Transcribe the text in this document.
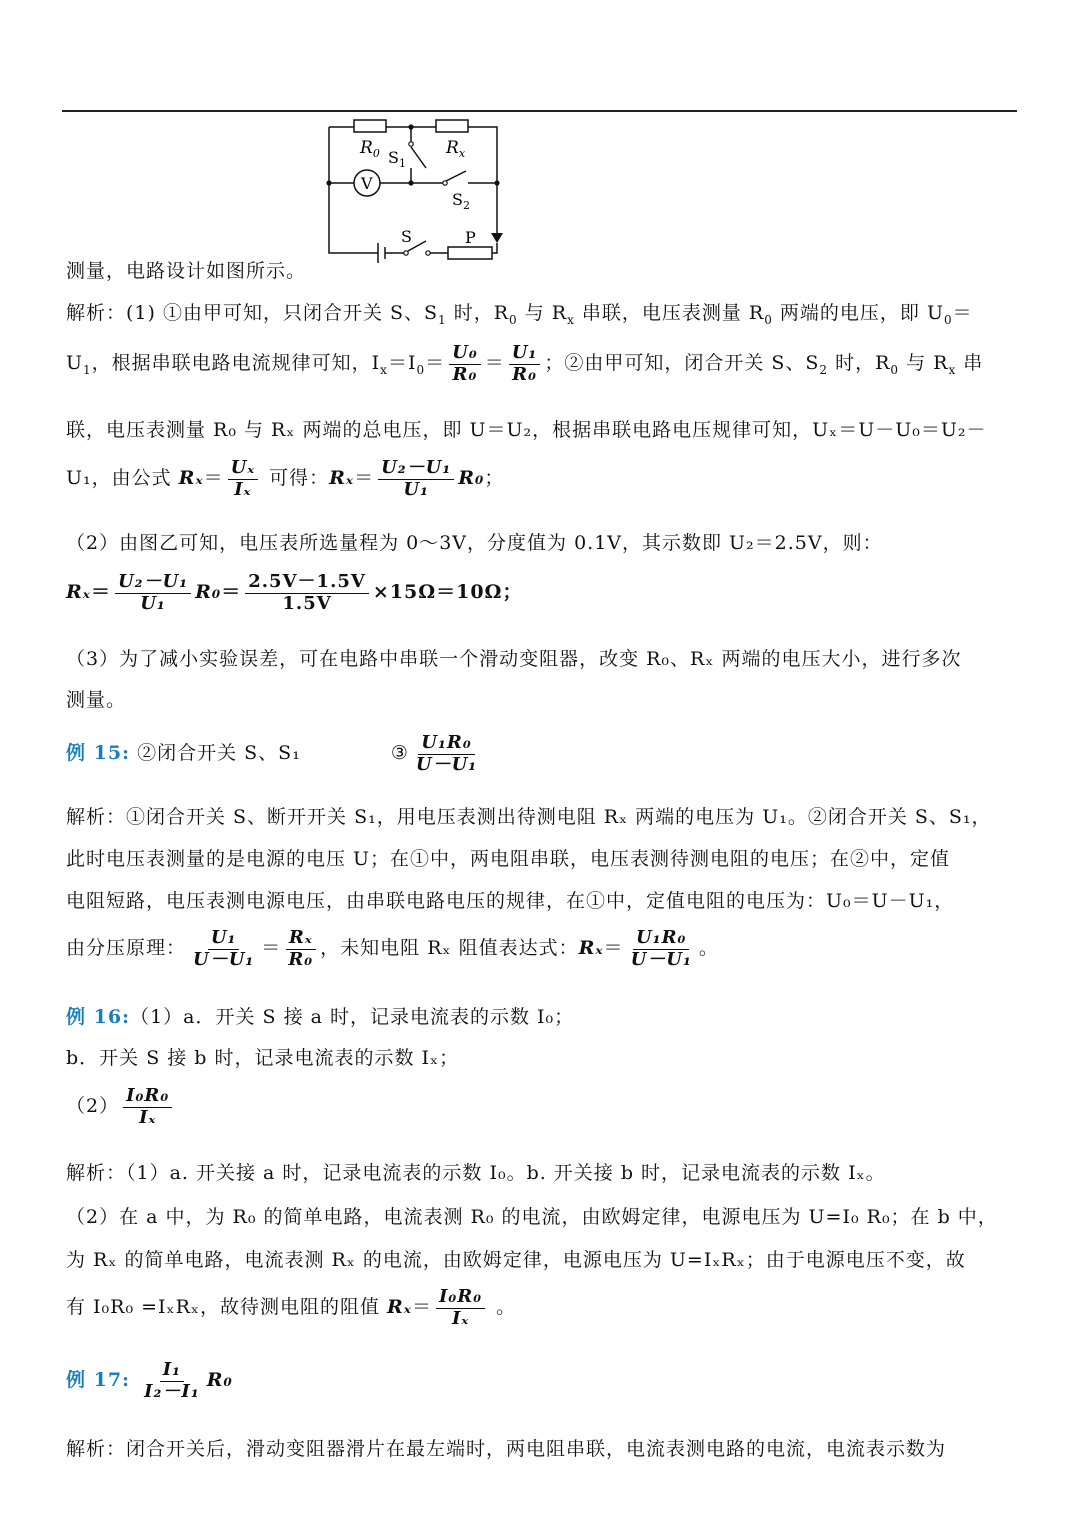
$R_0$ $S_1$
$R_x$
V
$S_2$
S	P
测量，电路设计如图所示。
解析：(1) ①由甲可知，只闭合开关 S、$S_1$ 时，$R_0$ 与 $R_x$ 串联，电压表测量 $R_0$ 两端的电压，即 $U_0=$
$U_1$，根据串联电路电流规律可知，$I_x=I_0= \frac{\text{U₀}}{\text{R₀}} = \frac{\text{U₁}}{\text{R₀}}$ ；②由甲可知，闭合开关 S、$S_2$ 时，$R_0$ 与 $R_x$ 串
联，电压表测量 R₀ 与 Rₓ 两端的总电压，即 U＝U₂，根据串联电路电压规律可知，Uₓ＝U－U₀＝U₂－
U₁，由公式 $R_x= \frac{\text{Uₓ}}{\text{Iₓ}}$ 可得：$R_x= \frac{\text{U₂－U₁}}{\text{U₁}} R_0$；
（2）由图乙可知，电压表所选量程为 0～3V，分度值为 0.1V，其示数即 U₂＝2.5V，则：
$R_x= \frac{\text{U₂－U₁}}{\text{U₁}} R_0= \frac{2.5V-1.5V}{1.5V} \times 15\Omega=10\Omega$；
（3）为了减小实验误差，可在电路中串联一个滑动变阻器，改变 R₀、Rₓ 两端的电压大小，进行多次
测量。
例 15: ②闭合开关 S、S₁	③ $\frac{\text{U₁R₀}}{\text{U－U₁}}$
解析：①闭合开关 S、断开开关 S₁，用电压表测出待测电阻 Rₓ 两端的电压为 U₁。②闭合开关 S、S₁，
此时电压表测量的是电源的电压 U；在①中，两电阻串联，电压表测待测电阻的电压；在②中，定值
电阻短路，电压表测电源电压，由串联电路电压的规律，在①中，定值电阻的电压为：U₀＝U－U₁，
由分压原理： $\frac{\text{U₁}}{\text{U－U₁}} = \frac{\text{Rₓ}}{\text{R₀}}$ ，未知电阻 Rₓ 阻值表达式：$R_x= \frac{\text{U₁R₀}}{\text{U－U₁}}$ 。
例 16:（1）a．开关 S 接 a 时，记录电流表的示数 I₀；
b．开关 S 接 b 时，记录电流表的示数 Iₓ；
$(2) \frac{\text{I₀R₀}}{\text{Iₓ}}$
解析：（1）a. 开关接 a 时，记录电流表的示数 I₀。b. 开关接 b 时，记录电流表的示数 Iₓ。
（2）在 a 中，为 R₀ 的简单电路，电流表测 R₀ 的电流，由欧姆定律，电源电压为 U=I₀ R₀；在 b 中，
为 Rₓ 的简单电路，电流表测 Rₓ 的电流，由欧姆定律，电源电压为 U=IₓRₓ；由于电源电压不变，故
有 I₀R₀ =IₓRₓ，故待测电阻的阻值 $R_x= \frac{\text{I₀R₀}}{\text{Iₓ}}$ 。
例 17: $\frac{\text{I₁}}{\text{I₂－I₁}} R_0$
解析：闭合开关后，滑动变阻器滑片在最左端时，两电阻串联，电流表测电路的电流，电流表示数为
